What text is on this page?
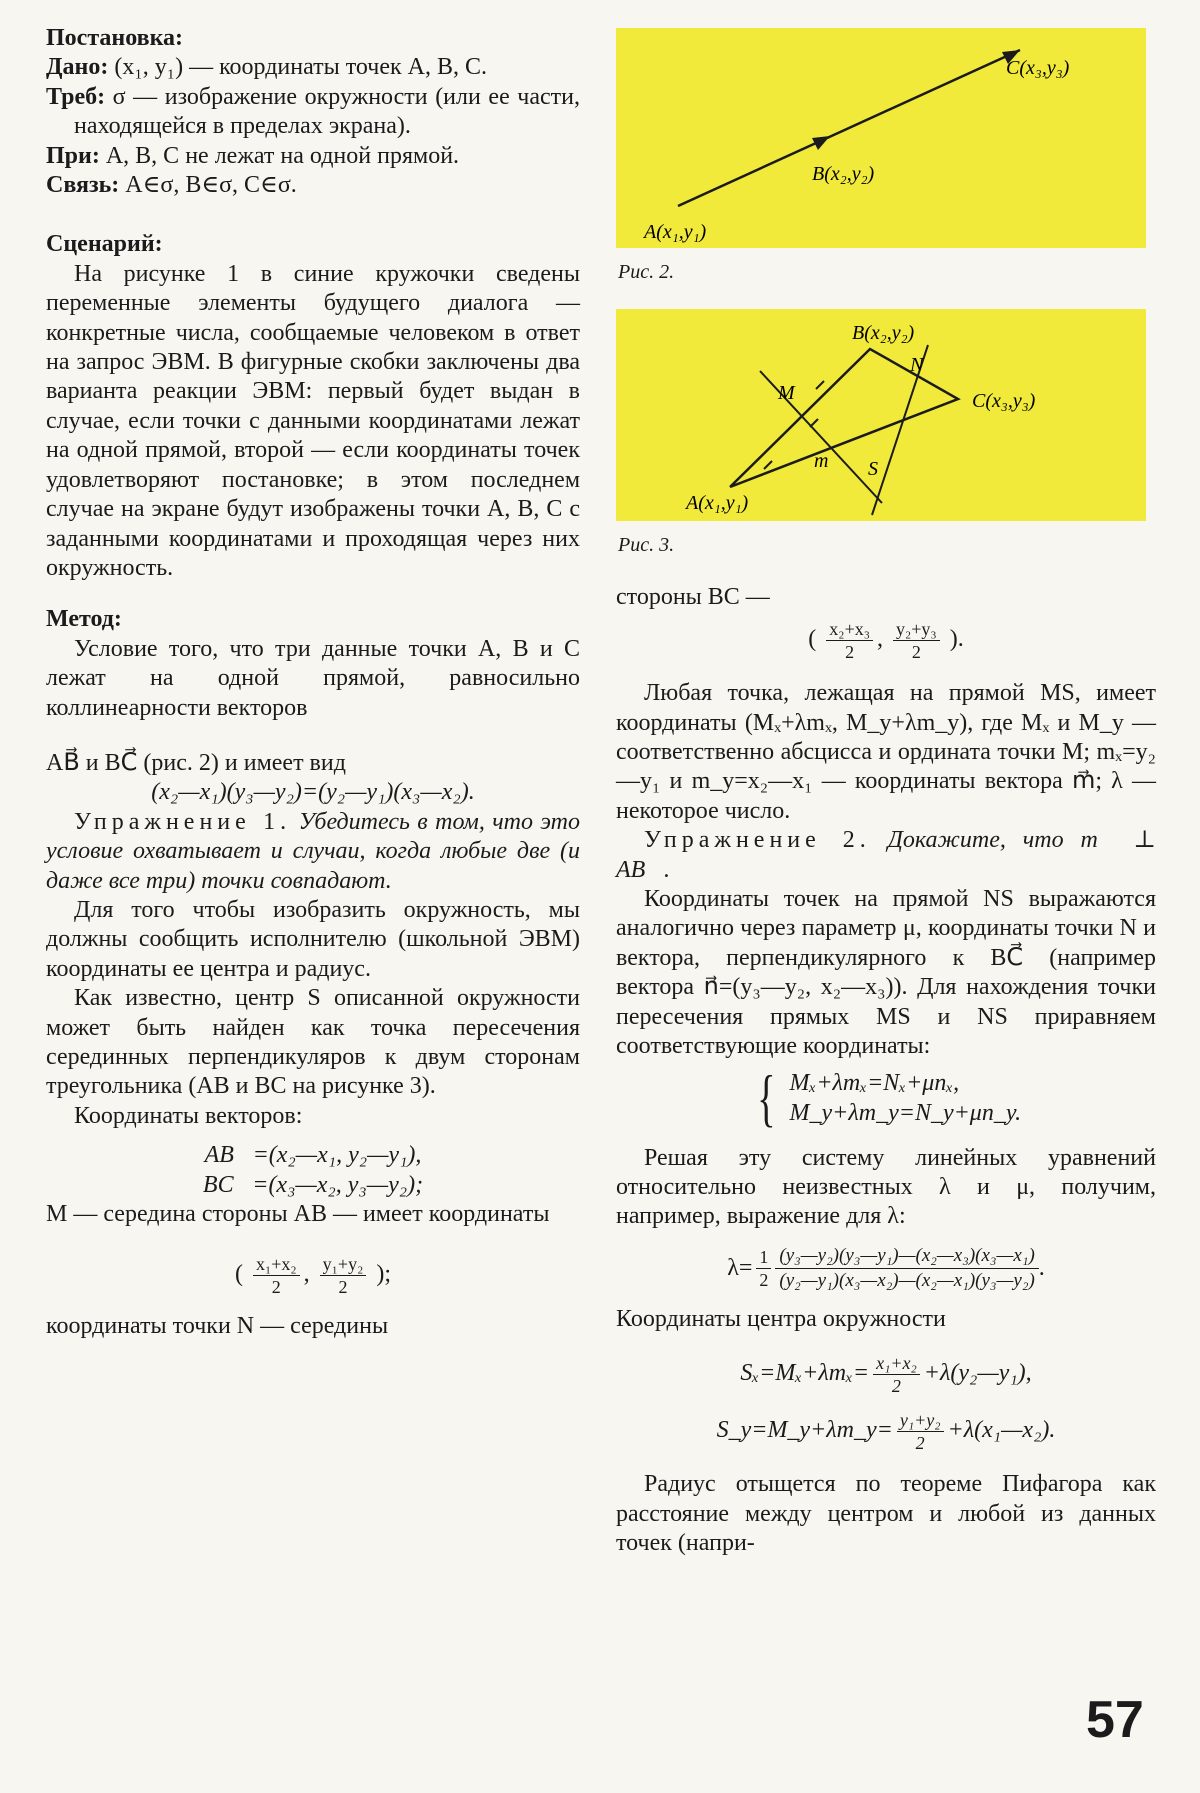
Постановка:

Дано: (x₁, y₁) — координаты точек A, B, C.

Треб: σ — изображение окружности (или ее части, находящейся в пределах экрана).

При: A, B, C не лежат на одной прямой.

Связь: A∈σ, B∈σ, C∈σ.

Сценарий:

На рисунке 1 в синие кружочки сведены переменные элементы будущего диалога — конкретные числа, сообщаемые человеком в ответ на запрос ЭВМ. В фигурные скобки заключены два варианта реакции ЭВМ: первый будет выдан в случае, если точки с данными координатами лежат на одной прямой, второй — если координаты точек удовлетворяют постановке; в этом последнем случае на экране будут изображены точки A, B, C с заданными координатами и проходящая через них окружность.

Метод:

Условие того, что три данные точки A, B и C лежат на одной прямой, равносильно коллинеарности векторов

AB⃗ и BC⃗ (рис. 2) и имеет вид

(x₂—x₁)(y₃—y₂)=(y₂—y₁)(x₃—x₂).

Упражнение 1. Убедитесь в том, что это условие охватывает и случаи, когда любые две (и даже все три) точки совпадают.

Для того чтобы изобразить окружность, мы должны сообщить исполнителю (школьной ЭВМ) координаты ее центра и радиус.

Как известно, центр S описанной окружности может быть найден как точка пересечения серединных перпендикуляров к двум сторонам треугольника (AB и BC на рисунке 3).

Координаты векторов:

AB⃗=(x₂—x₁, y₂—y₁),

BC⃗=(x₃—x₂, y₃—y₂);

M — середина стороны AB — имеет координаты

( $\frac{\text{x₁+x₂}}{2}$ , $\frac{\text{y₁+y₂}}{2}$ );

координаты точки N — середины

A(x₁,y₁)
B(x₂,y₂)
C(x₃,y₃)

Рис. 2.

B(x₂,y₂)
N
M	C(x₃,y₃)
m S
A(x₁,y₁)

Рис. 3.

стороны BC —

( $\frac{\text{x₂+x₃}}{2}$ , $\frac{\text{y₂+y₃}}{2}$ ).

Любая точка, лежащая на прямой MS, имеет координаты (Mₓ+λmₓ, M_y+λm_y), где Mₓ и M_y — соответственно абсцисса и ордината точки M; mₓ=y₂—y₁ и m_y=x₂—x₁ — координаты вектора m⃗; λ — некоторое число.

Упражнение 2. Докажите, что m⃗ ⊥ AB⃗.

Координаты точек на прямой NS выражаются аналогично через параметр μ, координаты точки N и вектора, перпендикулярного к BC⃗ (например вектора n⃗=(y₃—y₂, x₂—x₃)). Для нахождения точки пересечения прямых MS и NS приравняем соответствующие координаты:

{ Mₓ+λmₓ=Nₓ+μnₓ,
M_y+λm_y=N_y+μn_y.

Решая эту систему линейных уравнений относительно неизвестных λ и μ, получим, например, выражение для λ:

$\lambda= \frac{1}{2} \frac{\text{(y₃—y₂)(y₃—y₁)—(x₂—x₃)(x₃—x₁)}}{\text{(y₂—y₁)(x₃—x₂)—(x₂—x₁)(y₃—y₂)}}$ .

Координаты центра окружности

$S_x=M_x+\lambda m_x= \frac{\text{x₁+x₂}}{2}$ +λ(y₂—y₁),
S_y=M_y+λm_y= $\frac{\text{y₁+y₂}}{2}$ +λ(x₁—x₂).

Радиус отыщется по теореме Пифагора как расстояние между центром и любой из данных точек (напри-

57
